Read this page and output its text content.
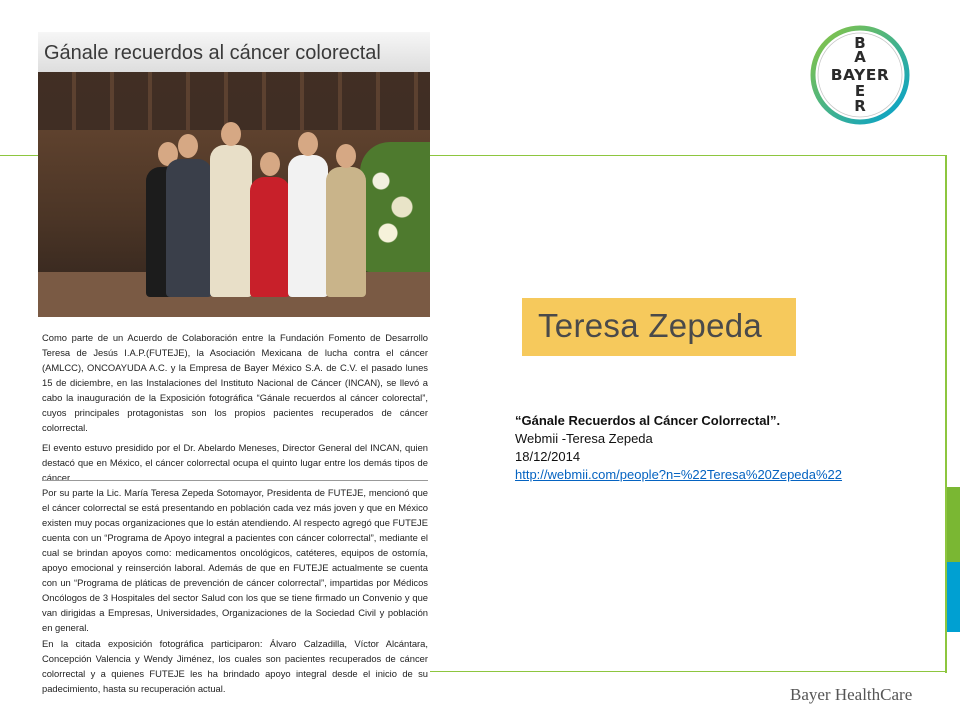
Gánale recuerdos al cáncer colorectal

Como parte de un Acuerdo de Colaboración entre la Fundación Fomento de Desarrollo Teresa de Jesús I.A.P.(FUTEJE), la Asociación Mexicana de lucha contra el cáncer (AMLCC), ONCOAYUDA A.C. y la Empresa de Bayer México S.A. de C.V. el pasado lunes 15 de diciembre, en las Instalaciones del Instituto Nacional de Cáncer (INCAN), se llevó a cabo la inauguración de la Exposición fotográfica “Gánale recuerdos al cáncer colorectal”, cuyos principales protagonistas son los propios pacientes recuperados de cáncer colorrectal.

El evento estuvo presidido por el Dr. Abelardo Meneses, Director General del INCAN, quien destacó que en México, el cáncer colorrectal ocupa el quinto lugar entre los demás tipos de cáncer.

Por su parte la Lic. María Teresa Zepeda Sotomayor, Presidenta de FUTEJE, mencionó que el cáncer colorrectal se está presentando en población cada vez más joven y que en México existen muy pocas organizaciones que lo están atendiendo. Al respecto agregó que FUTEJE cuenta con un “Programa de Apoyo integral a pacientes con cáncer colorrectal”, mediante el cual se brindan apoyos como: medicamentos oncológicos, catéteres, equipos de ostomía, apoyo emocional y reinserción laboral. Además de que en FUTEJE actualmente se cuenta con un “Programa de pláticas de prevención de cáncer colorrectal”, impartidas por Médicos Oncólogos de 3 Hospitales del sector Salud con los que se tiene firmado un Convenio y que van dirigidas a Empresas, Universidades, Organizaciones de la Sociedad Civil y población en general.

En la citada exposición fotográfica participaron: Álvaro Calzadilla, Víctor Alcántara, Concepción Valencia y Wendy Jiménez, los cuales son pacientes recuperados de cáncer colorrectal y a quienes FUTEJE les ha brindado apoyo integral desde el inicio de su padecimiento, hasta su recuperación actual.

Teresa Zepeda
“Gánale Recuerdos al Cáncer Colorrectal”.
Webmii -Teresa Zepeda
18/12/2014
http://webmii.com/people?n=%22Teresa%20Zepeda%22
B
A
BAYER
E
R
Bayer HealthCare
